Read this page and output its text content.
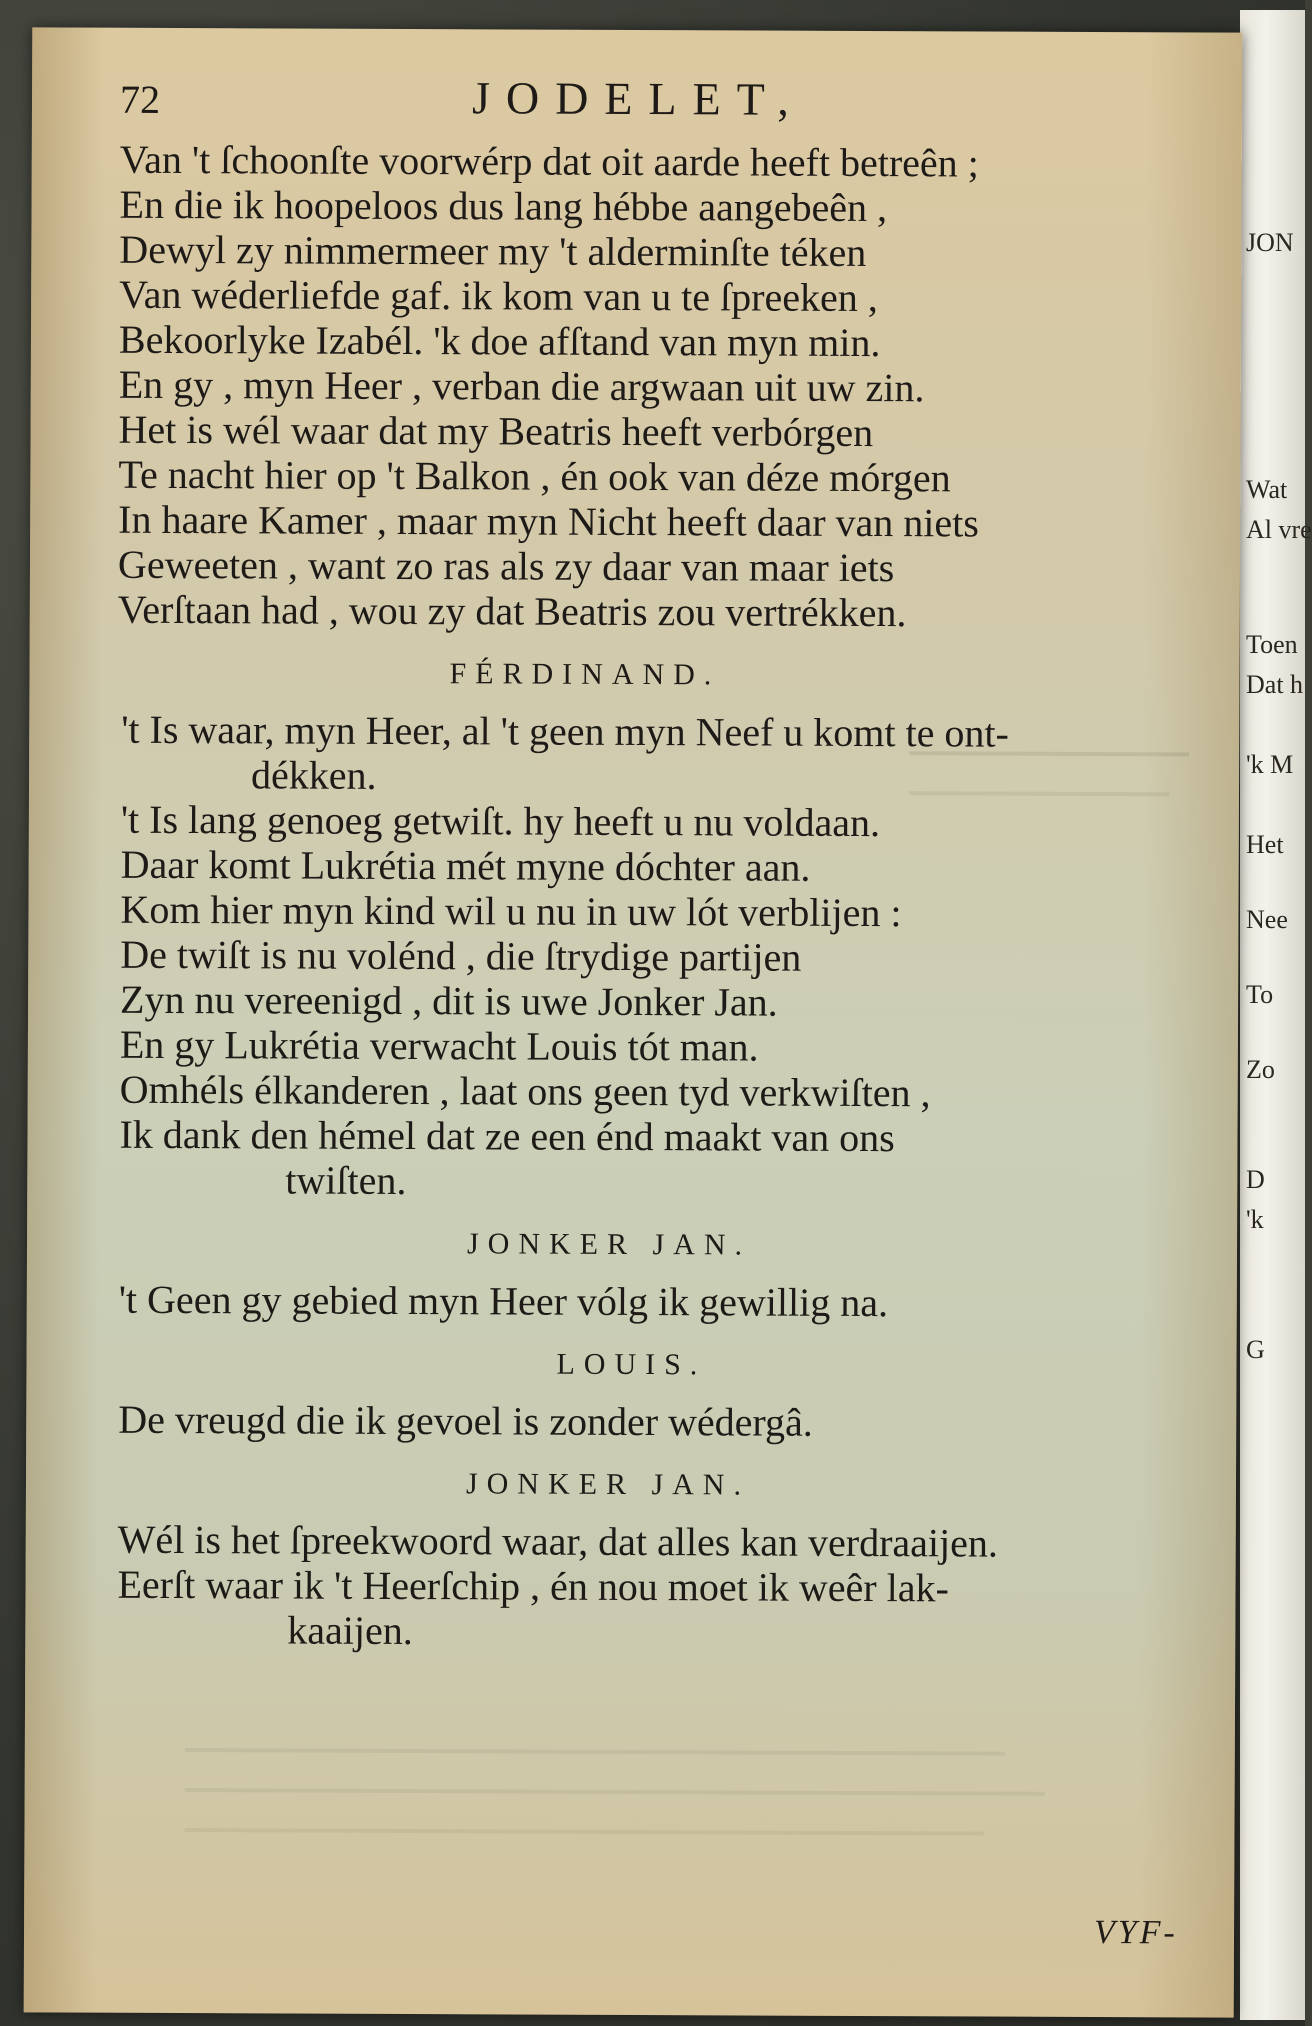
JON
Wat
Al vre
Toen
Dat h
'k M
Het
Nee
To
Zo
D
'k
G
72	JODELET,
Van 't ſchoonſte voorwérp dat oit aarde heeft betreên ;
En die ik hoopeloos dus lang hébbe aangebeên ,
Dewyl zy nimmermeer my 't alderminſte téken
Van wéderliefde gaf. ik kom van u te ſpreeken ,
Bekoorlyke Izabél. 'k doe afſtand van myn min.
En gy , myn Heer , verban die argwaan uit uw zin.
Het is wél waar dat my Beatris heeft verbórgen
Te nacht hier op 't Balkon , én ook van déze mórgen
In haare Kamer , maar myn Nicht heeft daar van niets
Geweeten , want zo ras als zy daar van maar iets
Verſtaan had , wou zy dat Beatris zou vertrékken.
FÉRDINAND.
't Is waar, myn Heer, al 't geen myn Neef u komt te ont-
dékken.
't Is lang genoeg getwiſt. hy heeft u nu voldaan.
Daar komt Lukrétia mét myne dóchter aan.
Kom hier myn kind wil u nu in uw lót verblijen :
De twiſt is nu volénd , die ſtrydige partijen
Zyn nu vereenigd , dit is uwe Jonker Jan.
En gy Lukrétia verwacht Louis tót man.
Omhéls élkanderen , laat ons geen tyd verkwiſten ,
Ik dank den hémel dat ze een énd maakt van ons
twiſten.
JONKER JAN.
't Geen gy gebied myn Heer vólg ik gewillig na.
LOUIS.
De vreugd die ik gevoel is zonder wédergâ.
JONKER JAN.
Wél is het ſpreekwoord waar, dat alles kan verdraaijen.
Eerſt waar ik 't Heerſchip , én nou moet ik weêr lak-
kaaijen.
VYF-
